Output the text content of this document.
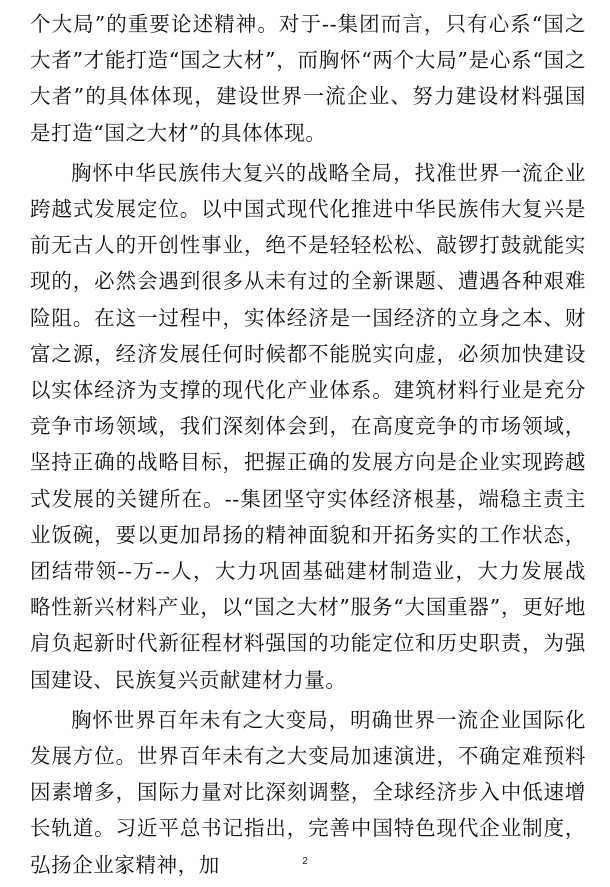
个大局”的重要论述精神。对于--集团而言，只有心系“国之大者”才能打造“国之大材”，而胸怀“两个大局”是心系“国之大者”的具体体现，建设世界一流企业、努力建设材料强国是打造“国之大材”的具体体现。

胸怀中华民族伟大复兴的战略全局，找准世界一流企业跨越式发展定位。以中国式现代化推进中华民族伟大复兴是前无古人的开创性事业，绝不是轻轻松松、敲锣打鼓就能实现的，必然会遇到很多从未有过的全新课题、遭遇各种艰难险阻。在这一过程中，实体经济是一国经济的立身之本、财富之源，经济发展任何时候都不能脱实向虚，必须加快建设以实体经济为支撑的现代化产业体系。建筑材料行业是充分竞争市场领域，我们深刻体会到，在高度竞争的市场领域，坚持正确的战略目标，把握正确的发展方向是企业实现跨越式发展的关键所在。--集团坚守实体经济根基，端稳主责主业饭碗，要以更加昂扬的精神面貌和开拓务实的工作状态，团结带领--万--人，大力巩固基础建材制造业，大力发展战略性新兴材料产业，以“国之大材”服务“大国重器”，更好地肩负起新时代新征程材料强国的功能定位和历史职责，为强国建设、民族复兴贡献建材力量。

胸怀世界百年未有之大变局，明确世界一流企业国际化发展方位。世界百年未有之大变局加速演进，不确定难预料因素增多，国际力量对比深刻调整，全球经济步入中低速增长轨道。习近平总书记指出，完善中国特色现代企业制度，弘扬企业家精神，加	2
